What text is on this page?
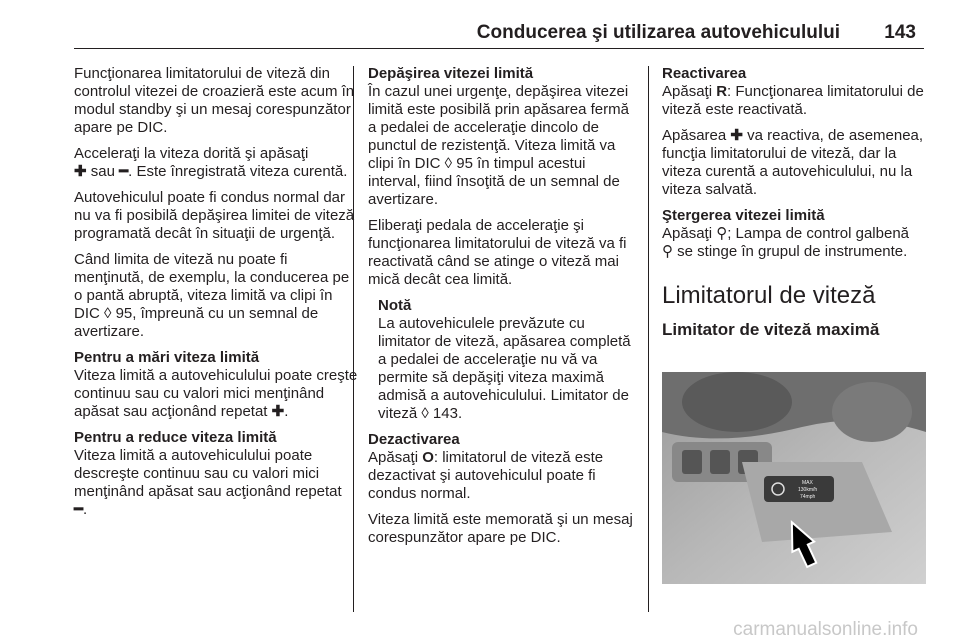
Conducerea şi utilizarea autovehiculului 143

Funcţionarea limitatorului de viteză din controlul vitezei de croazieră este acum în modul standby şi un mesaj corespunzător apare pe DIC.

Acceleraţi la viteza dorită şi apăsaţi
✚ sau ━. Este înregistrată viteza curentă.

Autovehiculul poate fi condus normal dar nu va fi posibilă depăşirea limitei de viteză programată decât în situaţii de urgenţă.

Când limita de viteză nu poate fi menţinută, de exemplu, la conducerea pe o pantă abruptă, viteza limită va clipi în DIC ◊ 95, împreună cu un semnal de avertizare.

Pentru a mări viteza limită

Viteza limită a autovehiculului poate creşte continuu sau cu valori mici menţinând apăsat sau acţionând repetat ✚.

Pentru a reduce viteza limită

Viteza limită a autovehiculului poate descreşte continuu sau cu valori mici menţinând apăsat sau acţionând repetat ━.

Depăşirea vitezei limită

În cazul unei urgenţe, depăşirea vitezei limită este posibilă prin apăsarea fermă a pedalei de acceleraţie dincolo de punctul de rezistenţă. Viteza limită va clipi în DIC ◊ 95 în timpul acestui interval, fiind însoţită de un semnal de avertizare.

Eliberaţi pedala de acceleraţie şi funcţionarea limitatorului de viteză va fi reactivată când se atinge o viteză mai mică decât cea limită.

Notă
La autovehiculele prevăzute cu limitator de viteză, apăsarea completă a pedalei de acceleraţie nu vă va permite să depăşiţi viteza maximă admisă a autovehiculului. Limitator de viteză ◊ 143.
Dezactivarea

Apăsaţi O: limitatorul de viteză este dezactivat şi autovehiculul poate fi condus normal.

Viteza limită este memorată şi un mesaj corespunzător apare pe DIC.

Reactivarea

Apăsaţi R: Funcţionarea limitatorului de viteză este reactivată.

Apăsarea ✚ va reactiva, de asemenea, funcţia limitatorului de viteză, dar la viteza curentă a autovehiculului, nu la viteza salvată.

Ştergerea vitezei limită

Apăsaţi ⚲; Lampa de control galbenă ⚲ se stinge în grupul de instrumente.

Limitatorul de viteză
Limitator de viteză maximă
MAX
130km/h
74mph
carmanualsonline.info
